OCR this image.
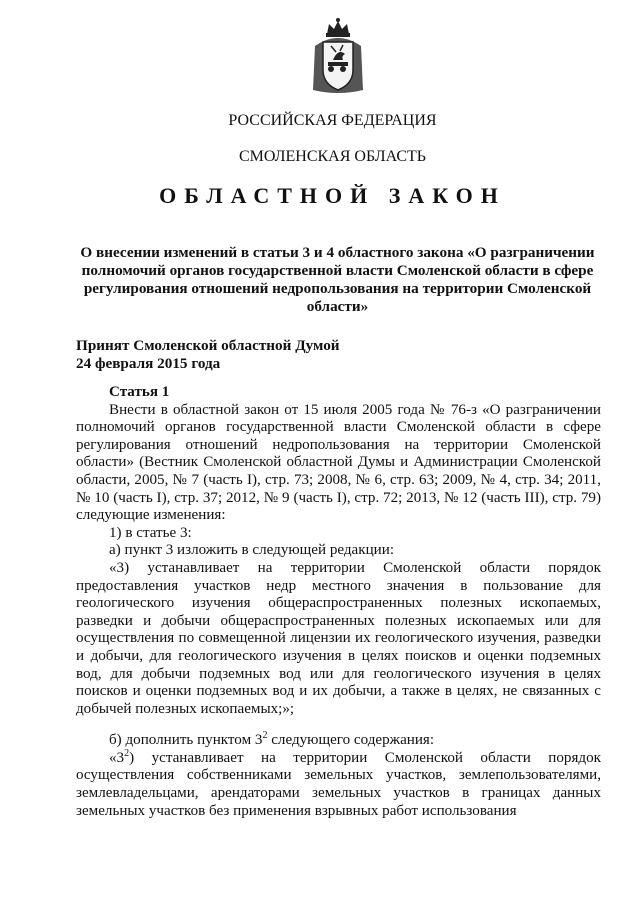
РОССИЙСКАЯ ФЕДЕРАЦИЯ
СМОЛЕНСКАЯ ОБЛАСТЬ
ОБЛАСТНОЙ ЗАКОН
О внесении изменений в статьи 3 и 4 областного закона «О разграничении
полномочий органов государственной власти Смоленской области в сфере
регулирования отношений недропользования на территории Смоленской
области»
Принят Смоленской областной Думой
24 февраля 2015 года

Статья 1

Внести в областной закон от 15 июля 2005 года № 76-з «О разграничении полномочий органов государственной власти Смоленской области в сфере регулирования отношений недропользования на территории Смоленской области» (Вестник Смоленской областной Думы и Администрации Смоленской области, 2005, № 7 (часть I), стр. 73; 2008, № 6, стр. 63; 2009, № 4, стр. 34; 2011, № 10 (часть I), стр. 37; 2012, № 9 (часть I), стр. 72; 2013, № 12 (часть III), стр. 79) следующие изменения:

1) в статье 3:

а) пункт 3 изложить в следующей редакции:

«3) устанавливает на территории Смоленской области порядок предоставления участков недр местного значения в пользование для геологического изучения общераспространенных полезных ископаемых, разведки и добычи общераспространенных полезных ископаемых или для осуществления по совмещенной лицензии их геологического изучения, разведки и добычи, для геологического изучения в целях поисков и оценки подземных вод, для добычи подземных вод или для геологического изучения в целях поисков и оценки подземных вод и их добычи, а также в целях, не связанных с добычей полезных ископаемых;»;

б) дополнить пунктом $3^2$ следующего содержания:

«$3^2$) устанавливает на территории Смоленской области порядок осуществления собственниками земельных участков, землепользователями, землевладельцами, арендаторами земельных участков в границах данных земельных участков без применения взрывных работ использования
